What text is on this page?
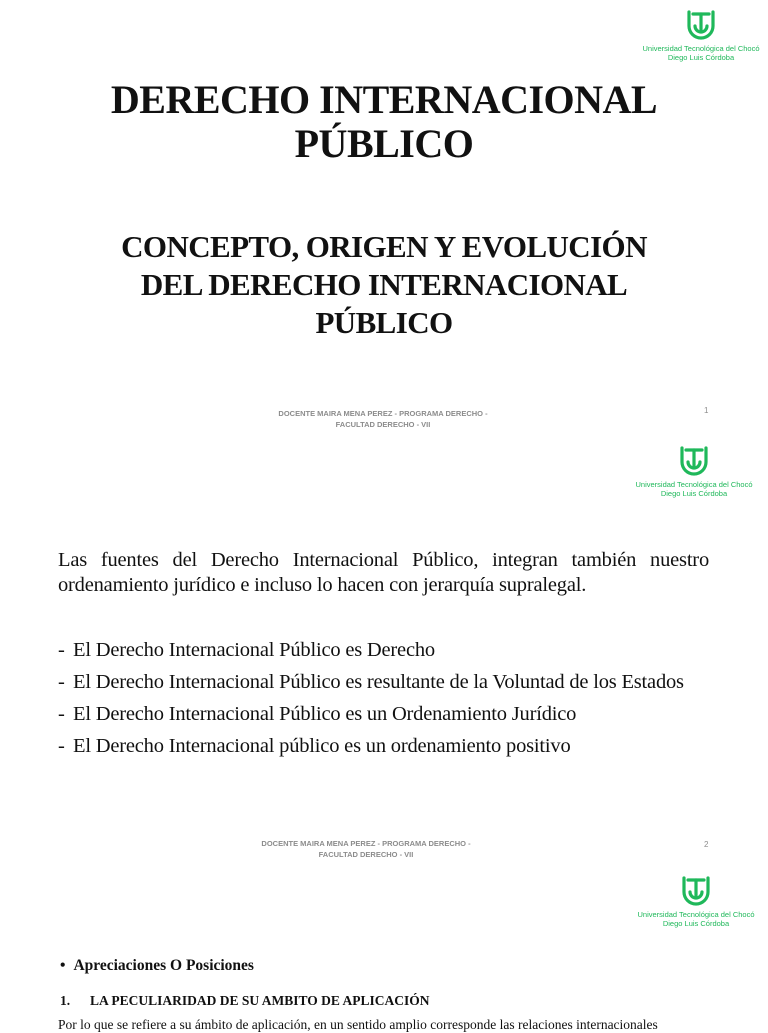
Universidad Tecnológica del Chocó
Diego Luis Córdoba
DERECHO INTERNACIONAL
PÚBLICO
CONCEPTO, ORIGEN Y EVOLUCIÓN
DEL DERECHO INTERNACIONAL
PÚBLICO
DOCENTE MAIRA MENA PEREZ - PROGRAMA DERECHO -
FACULTAD DERECHO - VII
1
Universidad Tecnológica del Chocó
Diego Luis Córdoba

Las fuentes del Derecho Internacional Público, integran también nuestro ordenamiento jurídico e incluso lo hacen con jerarquía supralegal.

- El Derecho Internacional Público es Derecho
- El Derecho Internacional Público es resultante de la Voluntad de los Estados
- El Derecho Internacional Público es un Ordenamiento Jurídico
- El Derecho Internacional público es un ordenamiento positivo
DOCENTE MAIRA MENA PEREZ - PROGRAMA DERECHO -
FACULTAD DERECHO - VII
2
Universidad Tecnológica del Chocó
Diego Luis Córdoba
• Apreciaciones O Posiciones
1. LA PECULIARIDAD DE SU AMBITO DE APLICACIÓN
Por lo que se refiere a su ámbito de aplicación, en un sentido amplio corresponde las relaciones internacionales
